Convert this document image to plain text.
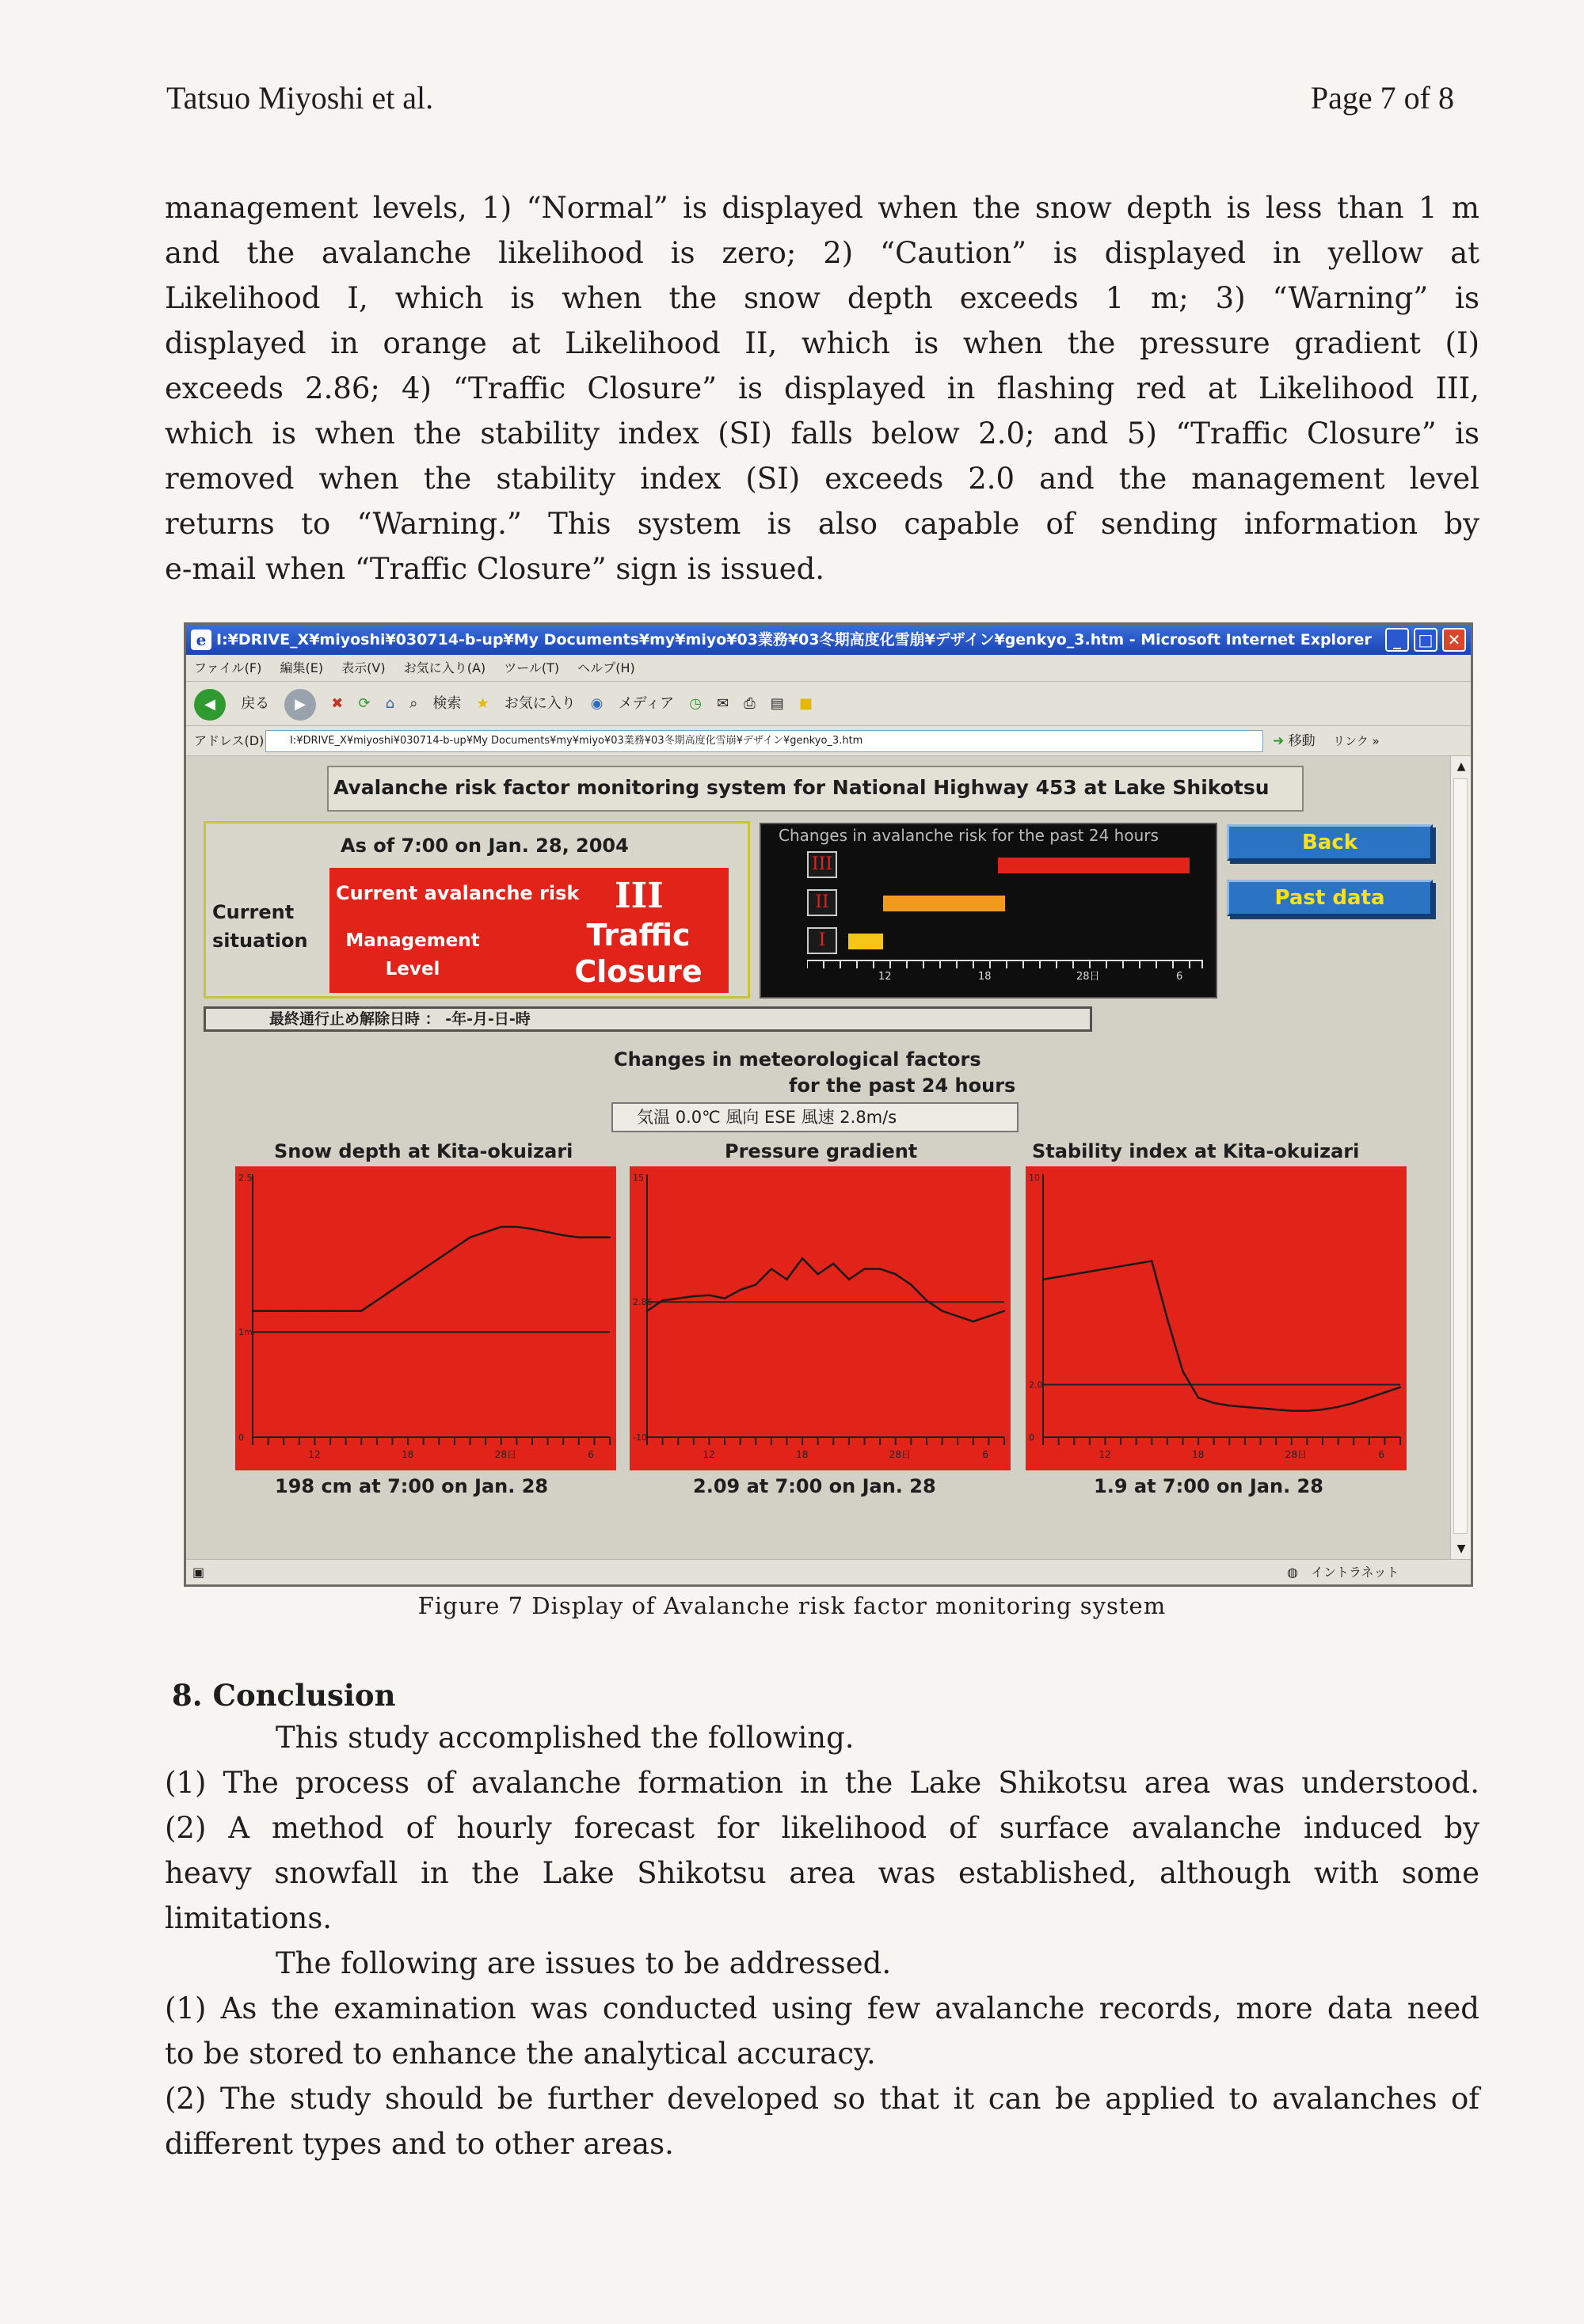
Tatsuo Miyoshi et al.	Page 7 of 8
management levels, 1) “Normal” is displayed when the snow depth is less than 1 m
and the avalanche likelihood is zero; 2) “Caution” is displayed in yellow at
Likelihood I, which is when the snow depth exceeds 1 m; 3) “Warning” is
displayed in orange at Likelihood II, which is when the pressure gradient (I)
exceeds 2.86; 4) “Traffic Closure” is displayed in flashing red at Likelihood III,
which is when the stability index (SI) falls below 2.0; and 5) “Traffic Closure” is
removed when the stability index (SI) exceeds 2.0 and the management level
returns to “Warning.” This system is also capable of sending information by
e-mail when “Traffic Closure” sign is issued.
e I:¥DRIVE_X¥miyoshi¥030714-b-up¥My Documents¥my¥miyo¥03業務¥03冬期高度化雪崩¥デザイン¥genkyo_3.htm - Microsoft Internet Explorer	_	□ ✕
ファイル(F) 編集(E) 表示(V) お気に入り(A) ツール(T) ヘルプ(H)
◀ 戻る ▶ ✖ ⟳ ⌂ ⌕ 検索 ★ お気に入り ◉ メディア ◷ ✉ ⎙ ▤ ■
アドレス(D)	I:¥DRIVE_X¥miyoshi¥030714-b-up¥My Documents¥my¥miyo¥03業務¥03冬期高度化雪崩¥デザイン¥genkyo_3.htm	➜ 移動 リンク »
Avalanche risk factor monitoring system for National Highway 453 at Lake Shikotsu
As of 7:00 on Jan. 28, 2004
Current
situation
Current avalanche risk III
Management
Level
Traffic
Closure
最終通行止め解除日時 ： -年-月-日-時
Changes in avalanche risk for the past 24 hours
III
II
I
12	18	28日	6
Back
Past data
Changes in meteorological factors
for the past 24 hours
気温 0.0℃ 風向 ESE 風速 2.8m/s
Snow depth at Kita-okuizari	Pressure gradient	Stability index at Kita-okuizari
2.5
1m
0
12	18	28日	6
15
2.86
-10
12	18	28日	6
10
2.0
0
12	18	28日	6
198 cm at 7:00 on Jan. 28	2.09 at 7:00 on Jan. 28	1.9 at 7:00 on Jan. 28
▲
▼
▣	◍ イントラネット
Figure 7 Display of Avalanche risk factor monitoring system
8. Conclusion
This study accomplished the following.
(1) The process of avalanche formation in the Lake Shikotsu area was understood.
(2) A method of hourly forecast for likelihood of surface avalanche induced by
heavy snowfall in the Lake Shikotsu area was established, although with some
limitations.
The following are issues to be addressed.
(1) As the examination was conducted using few avalanche records, more data need
to be stored to enhance the analytical accuracy.
(2) The study should be further developed so that it can be applied to avalanches of
different types and to other areas.
